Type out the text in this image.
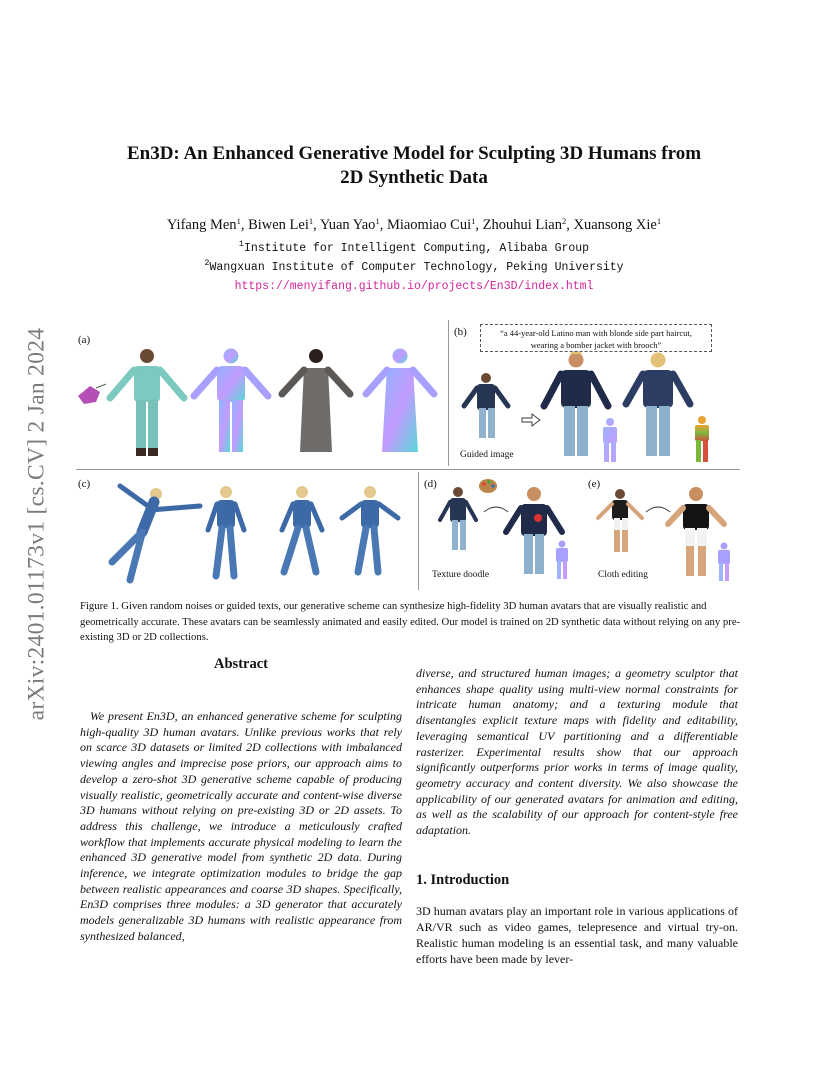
arXiv:2401.01173v1 [cs.CV] 2 Jan 2024
En3D: An Enhanced Generative Model for Sculpting 3D Humans from
2D Synthetic Data
Yifang Men$^1$, Biwen Lei$^1$, Yuan Yao$^1$, Miaomiao Cui$^1$, Zhouhui Lian$^2$, Xuansong Xie$^1$
$^1$Institute for Intelligent Computing, Alibaba Group
$^2$Wangxuan Institute of Computer Technology, Peking University
https://menyifang.github.io/projects/En3D/index.html
(a)
(b)
Guided image
“a 44-year-old Latino man with blonde side part haircut,
wearing a bomber jacket with brooch”
(c)	(d)
Texture doodle
(e)
Cloth editing

Figure 1. Given random noises or guided texts, our generative scheme can synthesize high-fidelity 3D human avatars that are visually realistic and geometrically accurate. These avatars can be seamlessly animated and easily edited. Our model is trained on 2D synthetic data without relying on any pre-existing 3D or 2D collections.

Abstract

We present En3D, an enhanced generative scheme for sculpting high-quality 3D human avatars. Unlike previous works that rely on scarce 3D datasets or limited 2D collections with imbalanced viewing angles and imprecise pose priors, our approach aims to develop a zero-shot 3D generative scheme capable of producing visually realistic, geometrically accurate and content-wise diverse 3D humans without relying on pre-existing 3D or 2D assets. To address this challenge, we introduce a meticulously crafted workflow that implements accurate physical modeling to learn the enhanced 3D generative model from synthetic 2D data. During inference, we integrate optimization modules to bridge the gap between realistic appearances and coarse 3D shapes. Specifically, En3D comprises three modules: a 3D generator that accurately models generalizable 3D humans with realistic appearance from synthesized balanced,

diverse, and structured human images; a geometry sculptor that enhances shape quality using multi-view normal constraints for intricate human anatomy; and a texturing module that disentangles explicit texture maps with fidelity and editability, leveraging semantical UV partitioning and a differentiable rasterizer. Experimental results show that our approach significantly outperforms prior works in terms of image quality, geometry accuracy and content diversity. We also showcase the applicability of our generated avatars for animation and editing, as well as the scalability of our approach for content-style free adaptation.

1. Introduction

3D human avatars play an important role in various applications of AR/VR such as video games, telepresence and virtual try-on. Realistic human modeling is an essential task, and many valuable efforts have been made by lever-
